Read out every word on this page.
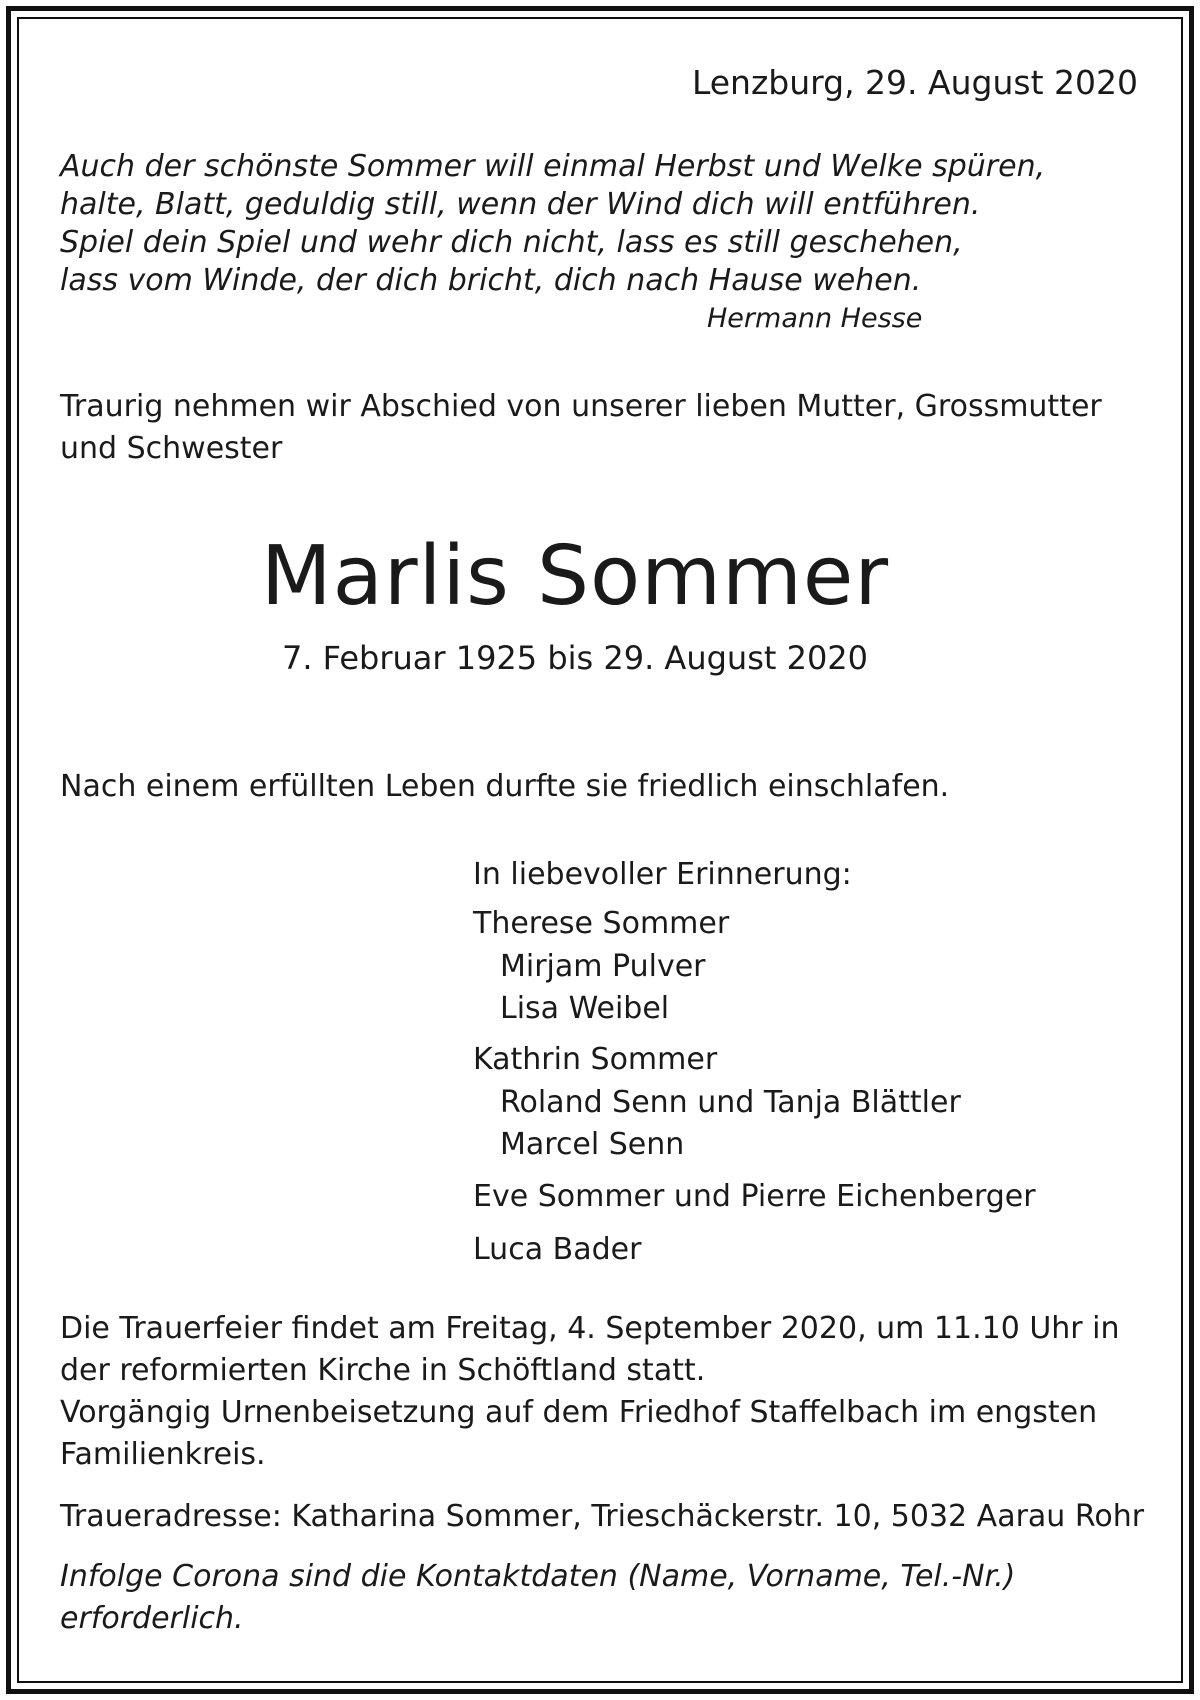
Lenzburg, 29. August 2020
Auch der schönste Sommer will einmal Herbst und Welke spüren,
halte, Blatt, geduldig still, wenn der Wind dich will entführen.
Spiel dein Spiel und wehr dich nicht, lass es still geschehen,
lass vom Winde, der dich bricht, dich nach Hause wehen.
Hermann Hesse
Traurig nehmen wir Abschied von unserer lieben Mutter, Grossmutter
und Schwester
Marlis Sommer
7. Februar 1925 bis 29. August 2020
Nach einem erfüllten Leben durfte sie friedlich einschlafen.
In liebevoller Erinnerung:
Therese Sommer
Mirjam Pulver
Lisa Weibel
Kathrin Sommer
Roland Senn und Tanja Blättler
Marcel Senn
Eve Sommer und Pierre Eichenberger
Luca Bader
Die Trauerfeier findet am Freitag, 4. September 2020, um 11.10 Uhr in
der reformierten Kirche in Schöftland statt.
Vorgängig Urnenbeisetzung auf dem Friedhof Staffelbach im engsten
Familienkreis.
Traueradresse: Katharina Sommer, Trieschäckerstr. 10, 5032 Aarau Rohr
Infolge Corona sind die Kontaktdaten (Name, Vorname, Tel.-Nr.)
erforderlich.
